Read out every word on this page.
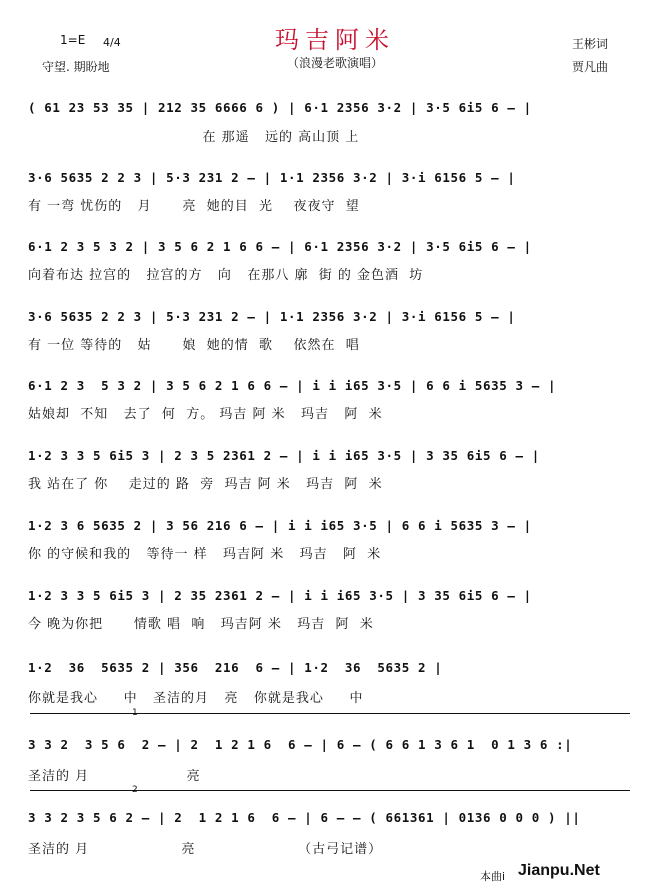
玛吉阿米
（浪漫老歌演唱）
1=E	4/4

守望. 期盼地
王彬词
贾凡曲
( 61 23 53 35 | 212 35 6666 6 ) | 6·1 2356 3·2 | 3·5 6i5 6 – |
在 那遥   远的 高山顶 上
3·6 5635 2 2 3 | 5·3 231 2 – | 1·1 2356 3·2 | 3·i 6156 5 – |
有 一弯 忧伤的   月      亮  她的目  光    夜夜守  望
6·1 2 3 5 3 2 | 3 5 6 2 1 6 6 – | 6·1 2356 3·2 | 3·5 6i5 6 – |
向着布达 拉宫的   拉宫的方   向   在那八 廓  街 的 金色酒  坊
3·6 5635 2 2 3 | 5·3 231 2 – | 1·1 2356 3·2 | 3·i 6156 5 – |
有 一位 等待的   姑      娘  她的情  歌    依然在  唱
6·1 2 3  5 3 2 | 3 5 6 2 1 6 6 – | i i i65 3·5 | 6 6 i 5635 3 – |
姑娘却  不知   去了  何  方。 玛吉 阿 米   玛吉   阿  米
1·2 3 3 5 6i5 3 | 2 3 5 2361 2 – | i i i65 3·5 | 3 35 6i5 6 – |
我 站在了 你    走过的 路  旁  玛吉 阿 米   玛吉  阿  米
1·2 3 6 5635 2 | 3 56 216 6 – | i i i65 3·5 | 6 6 i 5635 3 – |
你 的守候和我的   等待一 样   玛吉阿 米   玛吉   阿  米
1·2 3 3 5 6i5 3 | 2 35 2361 2 – | i i i65 3·5 | 3 35 6i5 6 – |
今 晚为你把      情歌 唱  响   玛吉阿 米   玛吉  阿  米
1·2  36  5635 2 | 356  216  6 – | 1·2  36  5635 2 |
你就是我心     中   圣洁的月   亮   你就是我心     中
1
3 3 2  3 5 6  2 – | 2  1 2 1 6  6 – | 6 – ( 6 6 1 3 6 1  0 1 3 6 :|
圣洁的 月                   亮
2
3 3 2 3 5 6 2 – | 2  1 2 1 6  6 – | 6 – – ( 661361 | 0136 0 0 0 ) ||
圣洁的 月                  亮                    （古弓记谱）
本曲i Jianpu.Net
